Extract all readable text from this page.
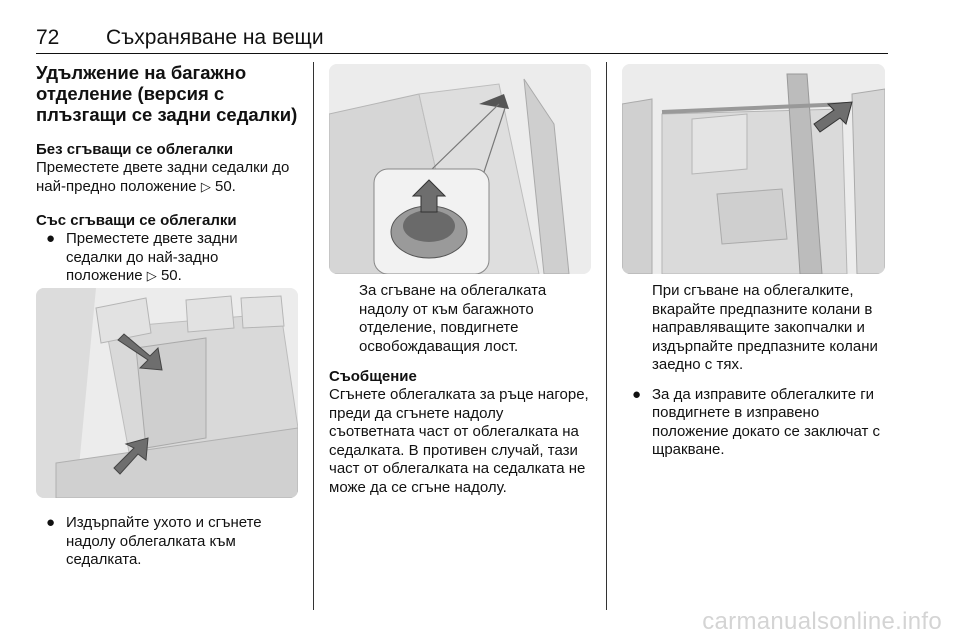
72 Съхраняване на вещи
Удължение на багажно отделение (версия с плъзгащи се задни седалки)
Без сгъващи се облегалки

Преместете двете задни седалки до най-предно положение ▷ 50.

Със сгъващи се облегалки
● Преместете двете задни седалки до най-задно положение ▷ 50.
● Издърпайте ухото и сгънете надолу облегалката към седалката.

За сгъване на облегалката надолу от към багажното отделение, повдигнете освобождаващия лост.

Съобщение

Сгънете облегалката за ръце нагоре, преди да сгънете надолу съответната част от облегалката на седалката. В противен случай, тази част от облегалката на седалката не може да се сгъне надолу.

При сгъване на облегалките, вкарайте предпазните колани в направляващите закопчалки и издърпайте предпазните колани заедно с тях.

● За да изправите облегалките ги повдигнете в изправено положение докато се заключат с щракване.
carmanualsonline.info
